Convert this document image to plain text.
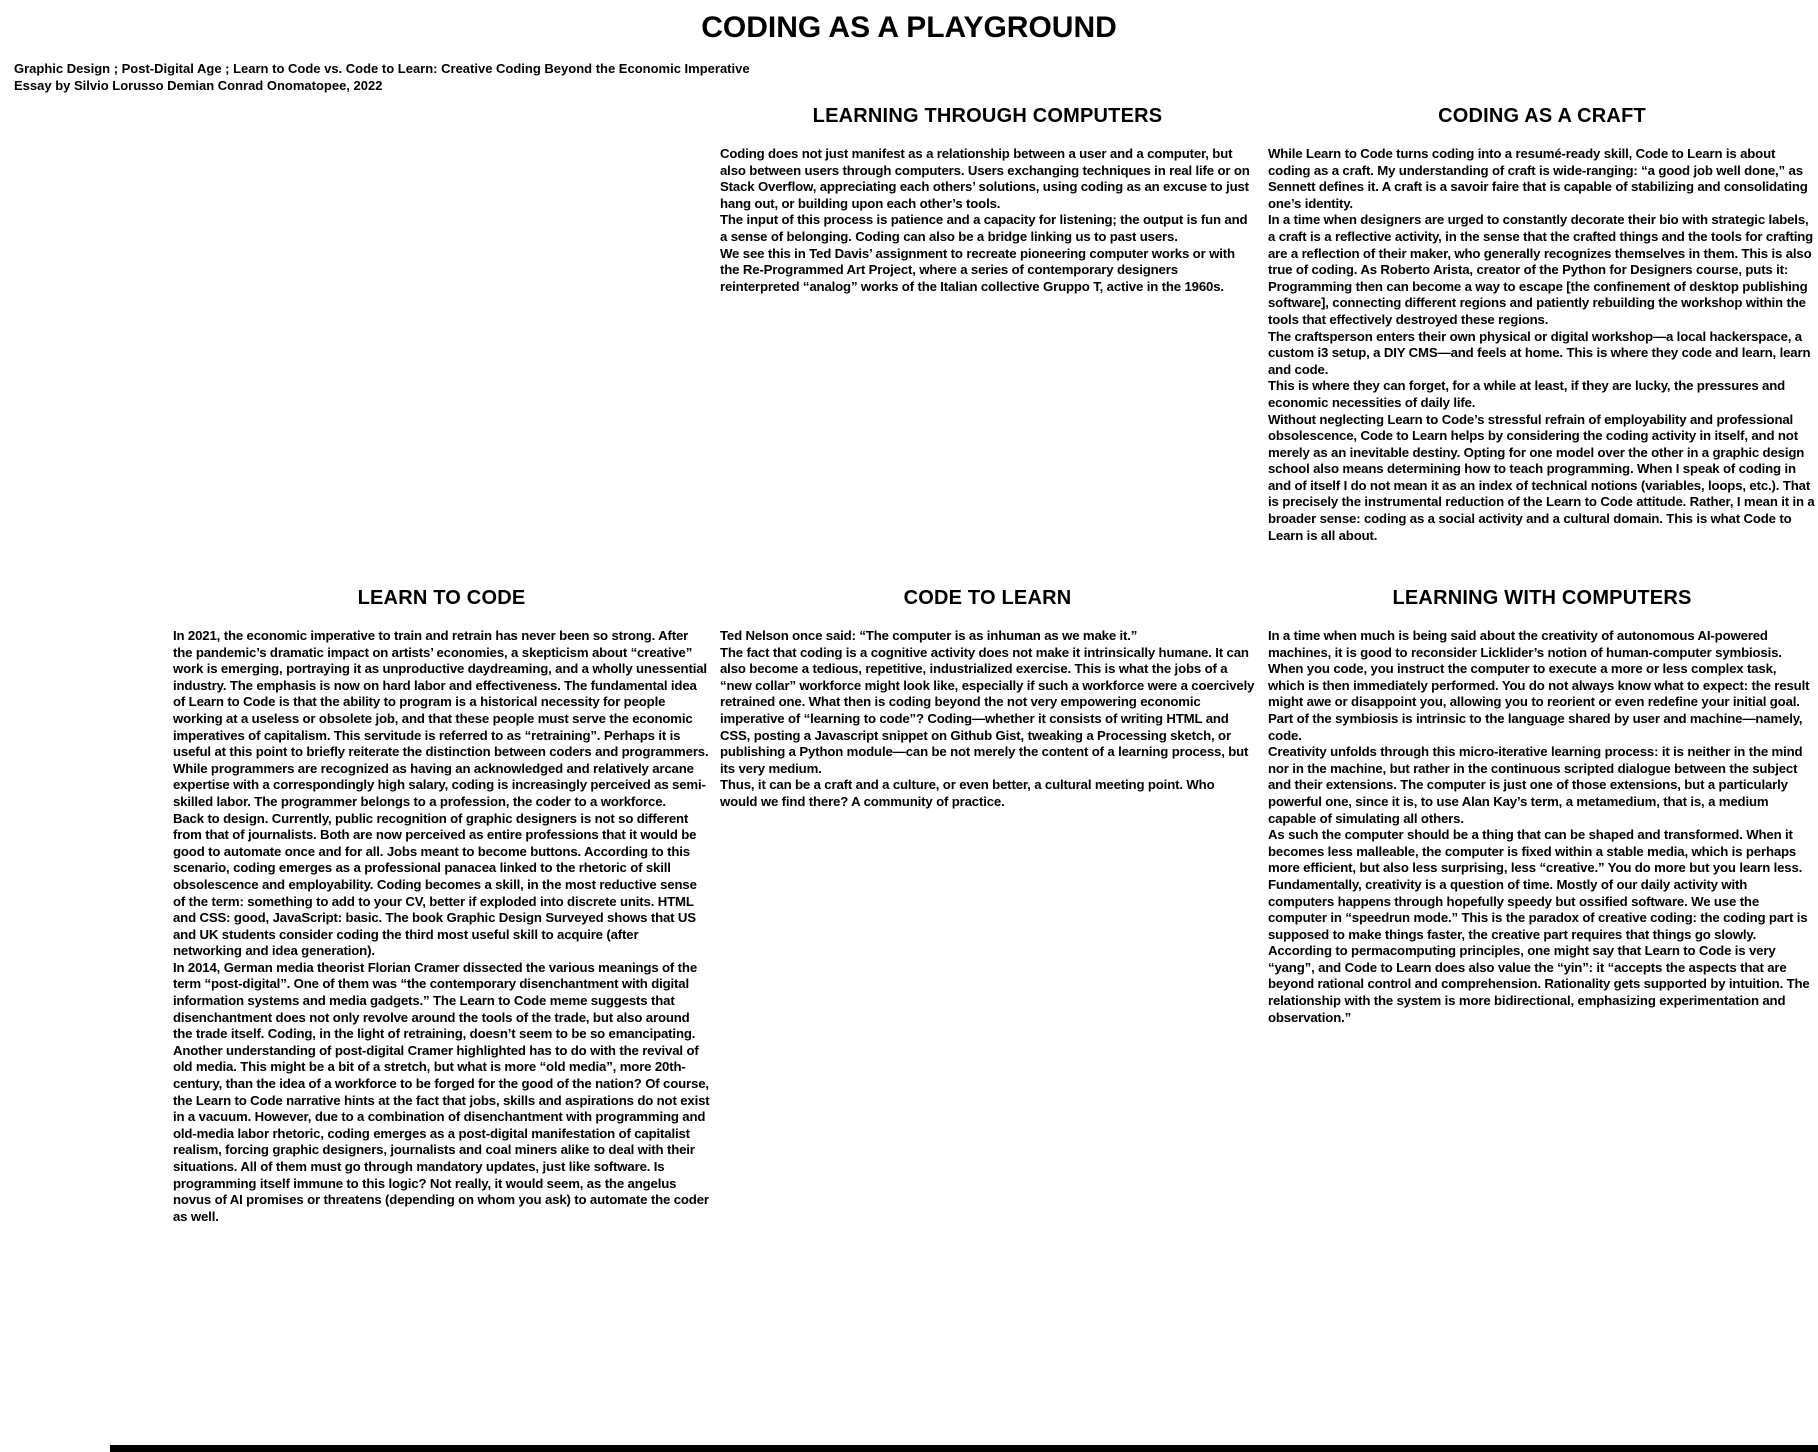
CODING AS A PLAYGROUND
Graphic Design ; Post-Digital Age ; Learn to Code vs. Code to Learn: Creative Coding Beyond the Economic Imperative
Essay by Silvio Lorusso Demian Conrad Onomatopee, 2022
LEARNING THROUGH COMPUTERS

Coding does not just manifest as a relationship between a user and a computer, but also between users through computers. Users exchanging techniques in real life or on Stack Overflow, appreciating each others’ solutions, using coding as an excuse to just hang out, or building upon each other’s tools.

The input of this process is patience and a capacity for listening; the output is fun and a sense of belonging. Coding can also be a bridge linking us to past users.

We see this in Ted Davis’ assignment to recreate pioneering computer works or with the Re-Programmed Art Project, where a series of contemporary designers reinterpreted “analog” works of the Italian collective Gruppo T, active in the 1960s.

CODING AS A CRAFT

While Learn to Code turns coding into a resumé-ready skill, Code to Learn is about coding as a craft. My understanding of craft is wide-ranging: “a good job well done,” as Sennett defines it. A craft is a savoir faire that is capable of stabilizing and consolidating one’s identity.

In a time when designers are urged to constantly decorate their bio with strategic labels, a craft is a reflective activity, in the sense that the crafted things and the tools for crafting are a reflection of their maker, who generally recognizes themselves in them. This is also true of coding. As Roberto Arista, creator of the Python for Designers course, puts it: Programming then can become a way to escape [the confinement of desktop publishing software], connecting different regions and patiently rebuilding the workshop within the tools that effectively destroyed these regions.

The craftsperson enters their own physical or digital workshop—a local hackerspace, a custom i3 setup, a DIY CMS—and feels at home. This is where they code and learn, learn and code.

This is where they can forget, for a while at least, if they are lucky, the pressures and economic necessities of daily life.

Without neglecting Learn to Code’s stressful refrain of employability and professional obsolescence, Code to Learn helps by considering the coding activity in itself, and not merely as an inevitable destiny. Opting for one model over the other in a graphic design school also means determining how to teach programming. When I speak of coding in and of itself I do not mean it as an index of technical notions (variables, loops, etc.). That is precisely the instrumental reduction of the Learn to Code attitude. Rather, I mean it in a broader sense: coding as a social activity and a cultural domain. This is what Code to Learn is all about.

LEARN TO CODE

In 2021, the economic imperative to train and retrain has never been so strong. After the pandemic’s dramatic impact on artists’ economies, a skepticism about “creative” work is emerging, portraying it as unproductive daydreaming, and a wholly unessential industry. The emphasis is now on hard labor and effectiveness. The fundamental idea of Learn to Code is that the ability to program is a historical necessity for people working at a useless or obsolete job, and that these people must serve the economic imperatives of capitalism. This servitude is referred to as “retraining”. Perhaps it is useful at this point to briefly reiterate the distinction between coders and programmers. While programmers are recognized as having an acknowledged and relatively arcane expertise with a correspondingly high salary, coding is increasingly perceived as semi-skilled labor. The programmer belongs to a profession, the coder to a workforce.

Back to design. Currently, public recognition of graphic designers is not so different from that of journalists. Both are now perceived as entire professions that it would be good to automate once and for all. Jobs meant to become buttons. According to this scenario, coding emerges as a professional panacea linked to the rhetoric of skill obsolescence and employability. Coding becomes a skill, in the most reductive sense of the term: something to add to your CV, better if exploded into discrete units. HTML and CSS: good, JavaScript: basic. The book Graphic Design Surveyed shows that US and UK students consider coding the third most useful skill to acquire (after networking and idea generation).

In 2014, German media theorist Florian Cramer dissected the various meanings of the term “post-digital”. One of them was “the contemporary disenchantment with digital information systems and media gadgets.” The Learn to Code meme suggests that disenchantment does not only revolve around the tools of the trade, but also around the trade itself. Coding, in the light of retraining, doesn’t seem to be so emancipating.

Another understanding of post-digital Cramer highlighted has to do with the revival of old media. This might be a bit of a stretch, but what is more “old media”, more 20th-century, than the idea of a workforce to be forged for the good of the nation? Of course, the Learn to Code narrative hints at the fact that jobs, skills and aspirations do not exist in a vacuum. However, due to a combination of disenchantment with programming and old-media labor rhetoric, coding emerges as a post-digital manifestation of capitalist realism, forcing graphic designers, journalists and coal miners alike to deal with their situations. All of them must go through mandatory updates, just like software. Is programming itself immune to this logic? Not really, it would seem, as the angelus novus of AI promises or threatens (depending on whom you ask) to automate the coder as well.

CODE TO LEARN

Ted Nelson once said: “The computer is as inhuman as we make it.”

The fact that coding is a cognitive activity does not make it intrinsically humane. It can also become a tedious, repetitive, industrialized exercise. This is what the jobs of a “new collar” workforce might look like, especially if such a workforce were a coercively retrained one. What then is coding beyond the not very empowering economic imperative of “learning to code”? Coding—whether it consists of writing HTML and CSS, posting a Javascript snippet on Github Gist, tweaking a Processing sketch, or publishing a Python module—can be not merely the content of a learning process, but its very medium.

Thus, it can be a craft and a culture, or even better, a cultural meeting point. Who would we find there? A community of practice.

LEARNING WITH COMPUTERS

In a time when much is being said about the creativity of autonomous AI-powered machines, it is good to reconsider Licklider’s notion of human-computer symbiosis. When you code, you instruct the computer to execute a more or less complex task, which is then immediately performed. You do not always know what to expect: the result might awe or disappoint you, allowing you to reorient or even redefine your initial goal. Part of the symbiosis is intrinsic to the language shared by user and machine—namely, code.

Creativity unfolds through this micro-iterative learning process: it is neither in the mind nor in the machine, but rather in the continuous scripted dialogue between the subject and their extensions. The computer is just one of those extensions, but a particularly powerful one, since it is, to use Alan Kay’s term, a metamedium, that is, a medium capable of simulating all others.

As such the computer should be a thing that can be shaped and transformed. When it becomes less malleable, the computer is fixed within a stable media, which is perhaps more efficient, but also less surprising, less “creative.” You do more but you learn less. Fundamentally, creativity is a question of time. Mostly of our daily activity with computers happens through hopefully speedy but ossified software. We use the computer in “speedrun mode.” This is the paradox of creative coding: the coding part is supposed to make things faster, the creative part requires that things go slowly. According to permacomputing principles, one might say that Learn to Code is very “yang”, and Code to Learn does also value the “yin”: it “accepts the aspects that are beyond rational control and comprehension. Rationality gets supported by intuition. The relationship with the system is more bidirectional, emphasizing experimentation and observation.”
